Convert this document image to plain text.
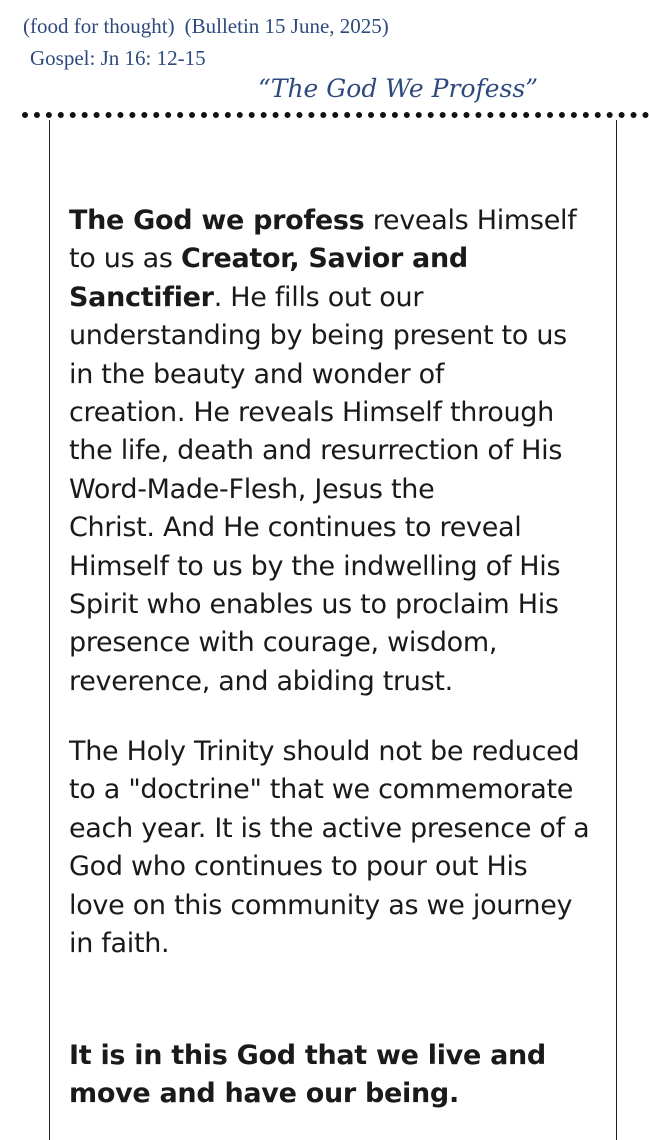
(food for thought) (Bulletin 15 June, 2025)
Gospel: Jn 16: 12-15
“The God We Profess”
The God we profess reveals Himself
to us as Creator, Savior and
Sanctifier. He fills out our
understanding by being present to us
in the beauty and wonder of
creation. He reveals Himself through
the life, death and resurrection of His
Word-Made-Flesh, Jesus the
Christ. And He continues to reveal
Himself to us by the indwelling of His
Spirit who enables us to proclaim His
presence with courage, wisdom,
reverence, and abiding trust.
The Holy Trinity should not be reduced
to a "doctrine" that we commemorate
each year. It is the active presence of a
God who continues to pour out His
love on this community as we journey
in faith.
It is in this God that we live and
move and have our being.
